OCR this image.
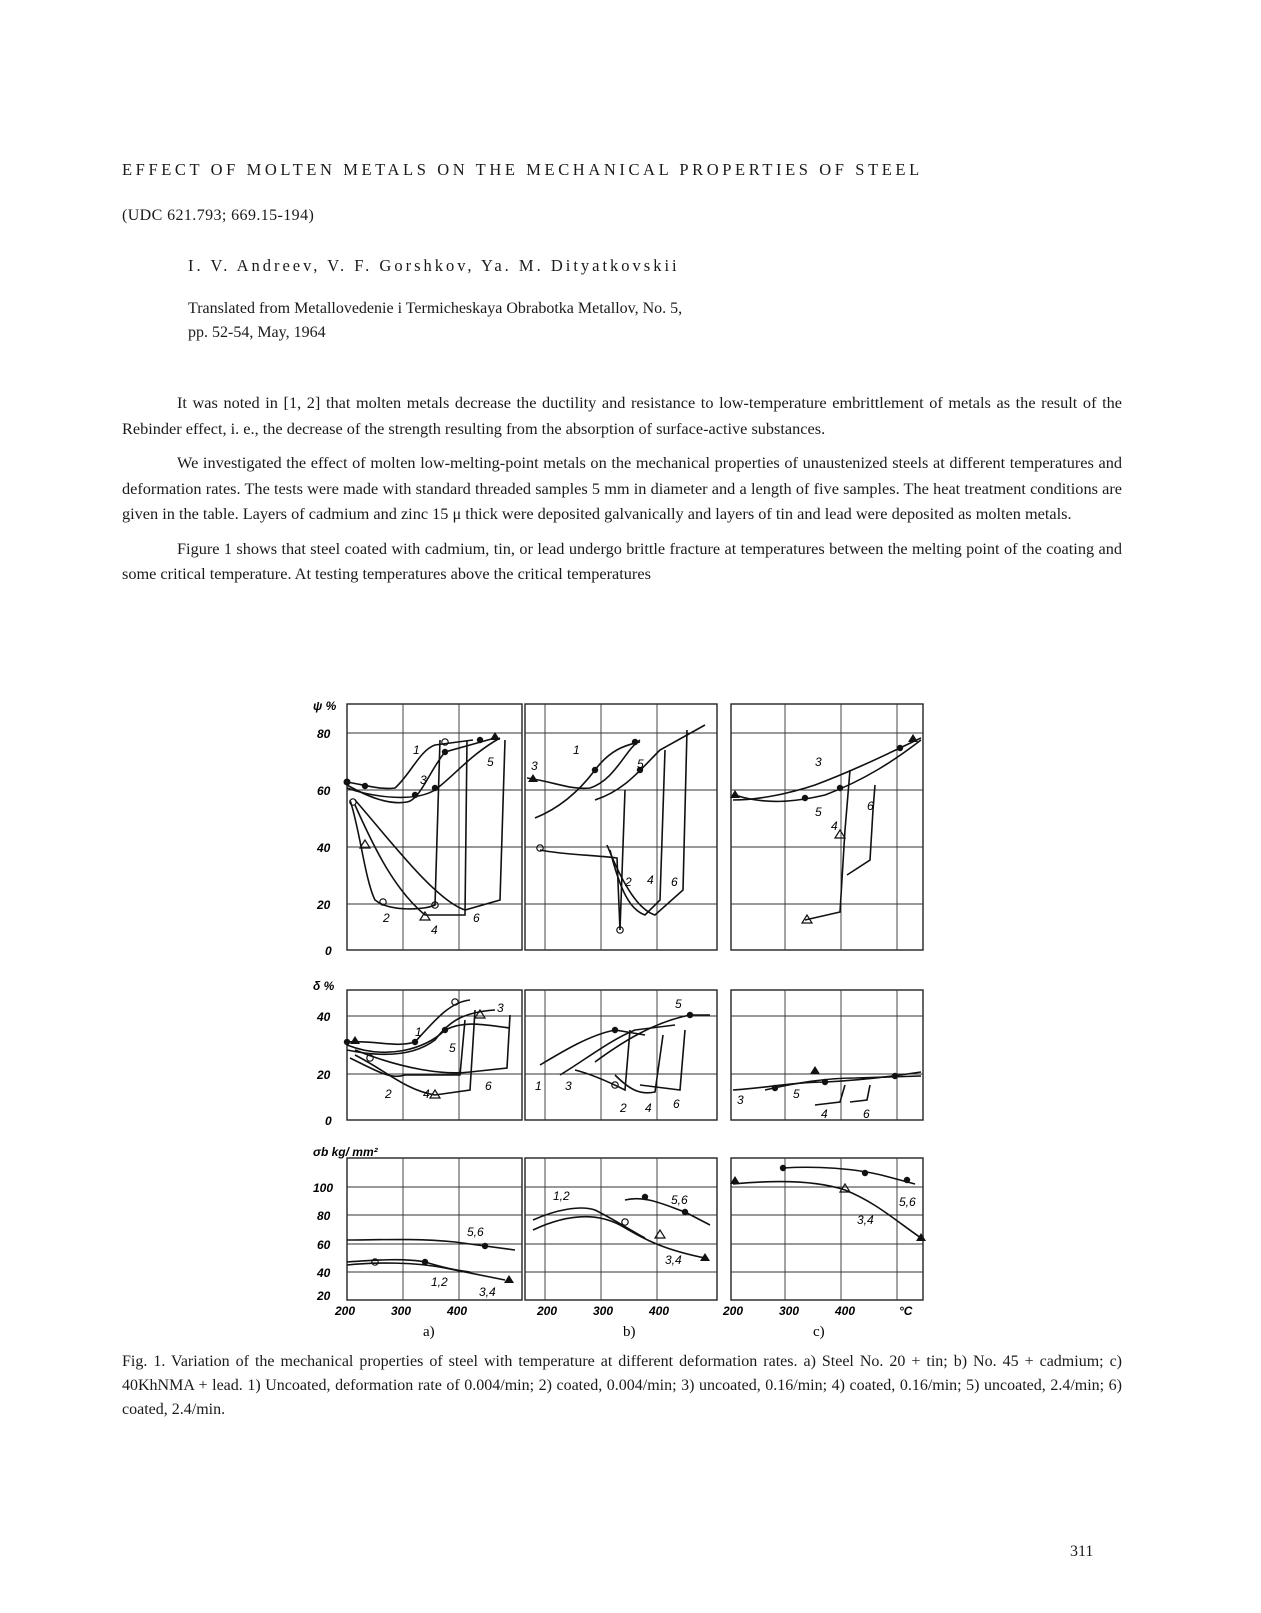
EFFECT OF MOLTEN METALS ON THE MECHANICAL PROPERTIES OF STEEL
(UDC 621.793; 669.15-194)
I. V. Andreev, V. F. Gorshkov, Ya. M. Dityatkovskii
Translated from Metallovedenie i Termicheskaya Obrabotka Metallov, No. 5,
pp. 52-54, May, 1964

It was noted in [1, 2] that molten metals decrease the ductility and resistance to low-temperature embrittlement of metals as the result of the Rebinder effect, i. e., the decrease of the strength resulting from the absorption of surface-active substances.

We investigated the effect of molten low-melting-point metals on the mechanical properties of unaustenized steels at different temperatures and deformation rates. The tests were made with standard threaded samples 5 mm in diameter and a length of five samples. The heat treatment conditions are given in the table. Layers of cadmium and zinc 15 μ thick were deposited galvanically and layers of tin and lead were deposited as molten metals.

Figure 1 shows that steel coated with cadmium, tin, or lead undergo brittle fracture at temperatures between the melting point of the coating and some critical temperature. At testing temperatures above the critical temperatures

ψ %
δ %
σb kg/ mm²
80
60
40
20
0
40
20
0
100
80
60
40
20
200	300	400	200	300	400	200	300	400	°C
a)	b)	c)
1
3
5
2
4
6
3
1
5
2 4 6
3
5
4
6
1
3
5
2	4
6	1 3
5
2 4 6	3	5
4	6
5,6
1,2
3,4
1,2	5,6
3,4
5,6
3,4
Fig. 1. Variation of the mechanical properties of steel with temperature at different deformation rates. a) Steel No. 20 + tin; b) No. 45 + cadmium; c) 40KhNMA + lead. 1) Uncoated, deformation rate of 0.004/min; 2) coated, 0.004/min; 3) uncoated, 0.16/min; 4) coated, 0.16/min; 5) uncoated, 2.4/min; 6) coated, 2.4/min.
311
